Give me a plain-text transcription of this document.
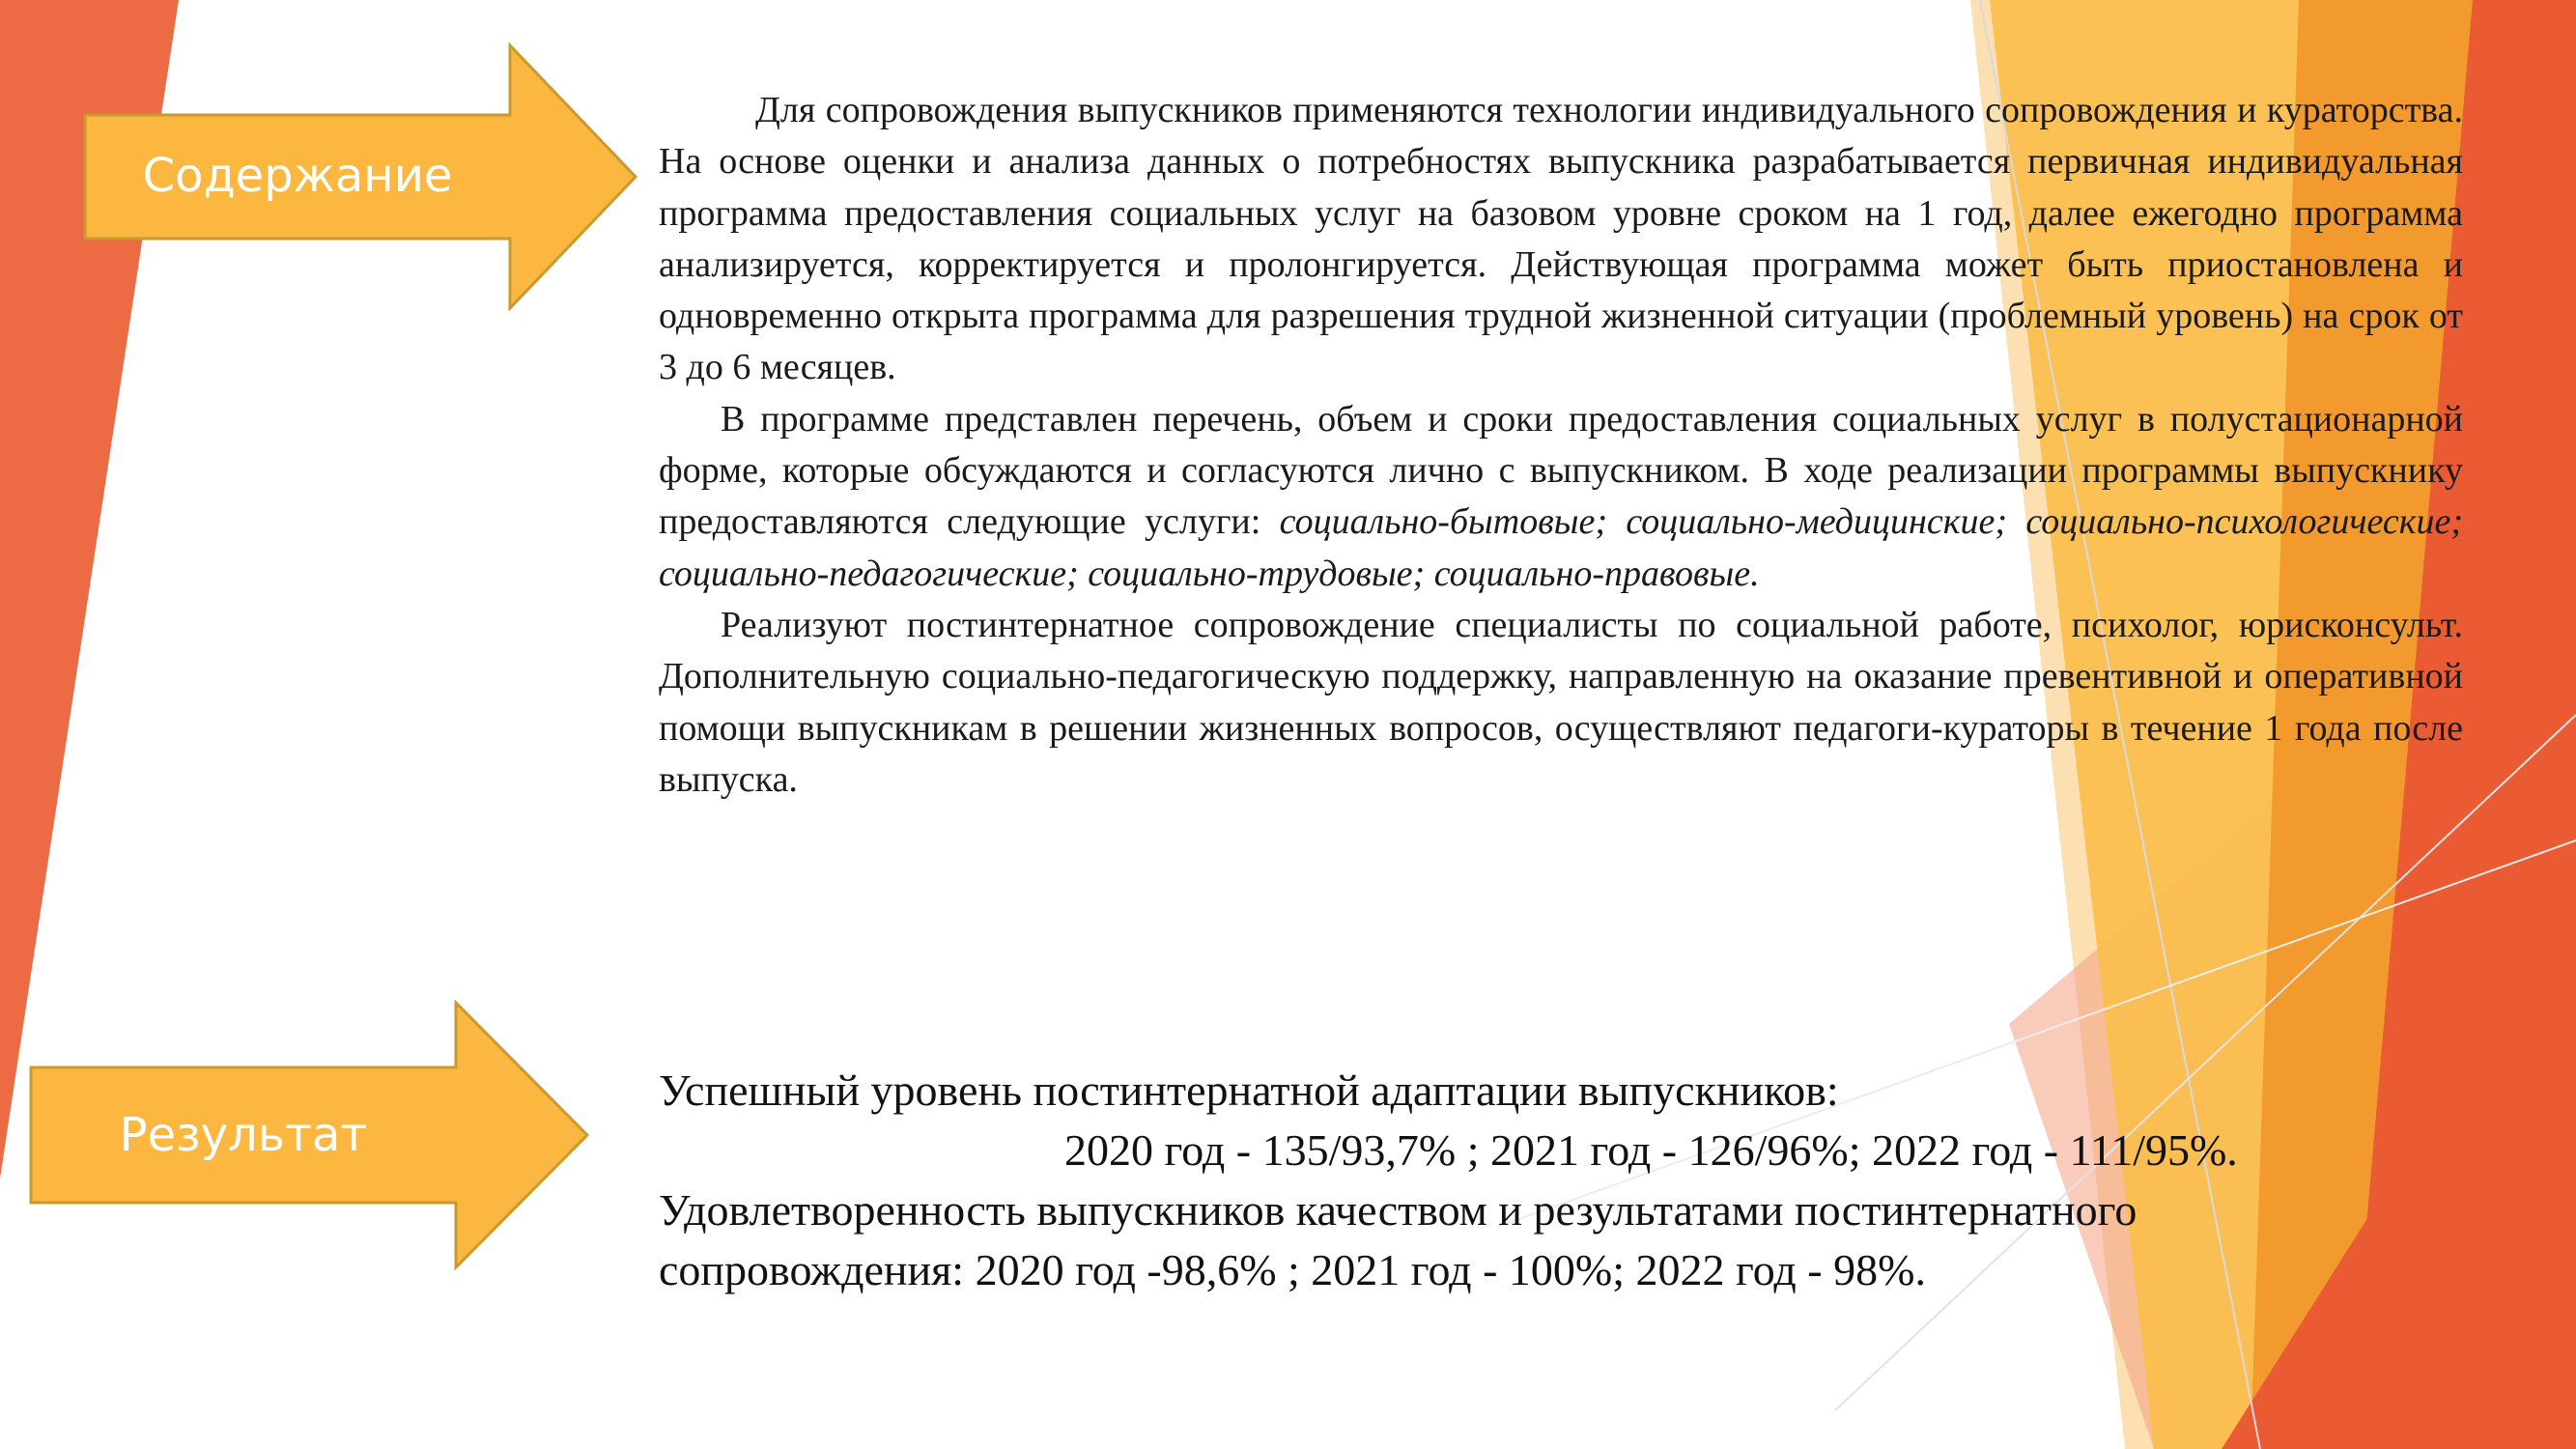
Содержание
Результат

Для сопровождения выпускников применяются технологии индивидуального сопровождения и кураторства. На основе оценки и анализа данных о потребностях выпускника разрабатывается первичная индивидуальная программа предоставления социальных услуг на базовом уровне сроком на 1 год, далее ежегодно программа анализируется, корректируется и пролонгируется. Действующая программа может быть приостановлена и одновременно открыта программа для разрешения трудной жизненной ситуации (проблемный уровень) на срок от 3 до 6 месяцев.

В программе представлен перечень, объем и сроки предоставления социальных услуг в полустационарной форме, которые обсуждаются и согласуются лично с выпускником. В ходе реализации программы выпускнику предоставляются следующие услуги: социально-бытовые; социально-медицинские; социально-психологические; социально-педагогические; социально-трудовые; социально-правовые.

Реализуют постинтернатное сопровождение специалисты по социальной работе, психолог, юрисконсульт. Дополнительную социально-педагогическую поддержку, направленную на оказание превентивной и оперативной помощи выпускникам в решении жизненных вопросов, осуществляют педагоги-кураторы в течение 1 года после выпуска.

Успешный уровень постинтернатной адаптации выпускников:
2020 год - 135/93,7% ; 2021 год - 126/96%; 2022 год - 111/95%.
Удовлетворенность выпускников качеством и результатами постинтернатного
сопровождения: 2020 год -98,6% ; 2021 год - 100%; 2022 год - 98%.
